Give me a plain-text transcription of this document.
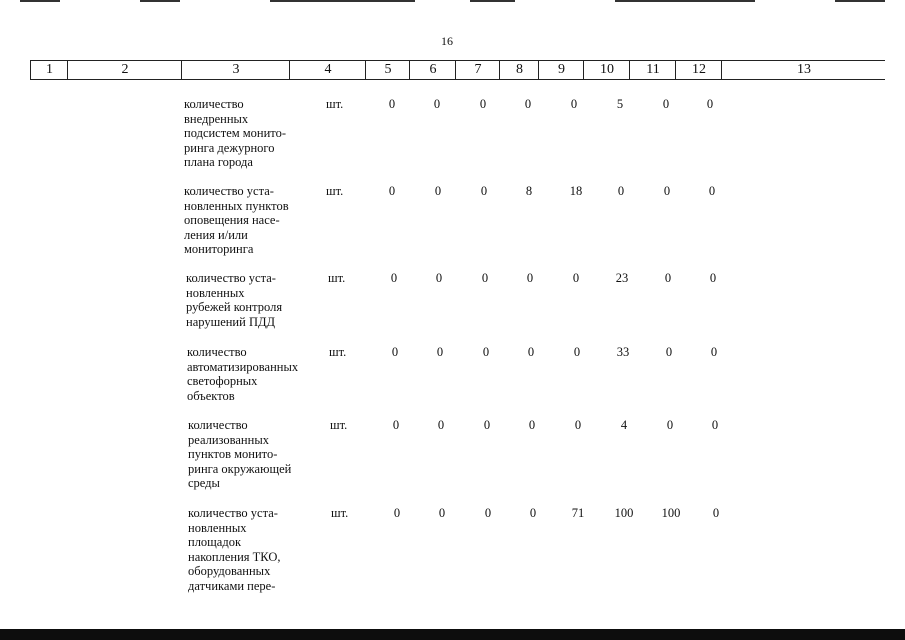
16
1	2	3	4	5	6	7	8	9	10	11	12	13
количество
внедренных
подсистем монито-
ринга дежурного
плана города
шт.	0	0	0	0	0	5	0	0
количество уста-
новленных пунктов
оповещения насе-
ления и/или
мониторинга
шт.	0	0	0	8	18	0	0	0
количество уста-
новленных
рубежей контроля
нарушений ПДД
шт.	0	0	0	0	0	23	0	0
количество
автоматизированных
светофорных
объектов
шт.	0	0	0	0	0	33	0	0
количество
реализованных
пунктов монито-
ринга окружающей
среды
шт.	0	0	0	0	0	4	0	0
количество уста-
новленных
площадок
накопления ТКО,
оборудованных
датчиками пере-
шт.	0	0	0	0	71	100	100	0
